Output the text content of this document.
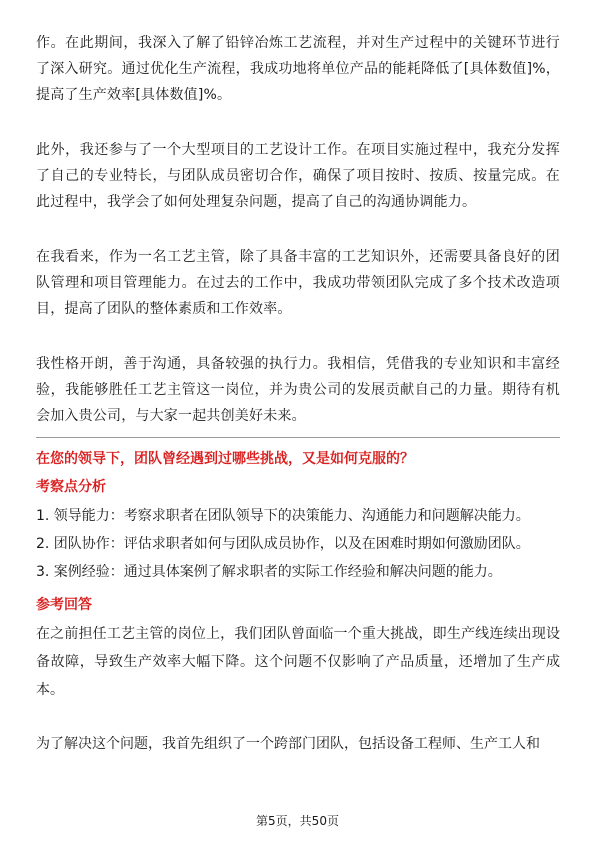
作。在此期间，我深入了解了铅锌冶炼工艺流程，并对生产过程中的关键环节进行了深入研究。通过优化生产流程，我成功地将单位产品的能耗降低了[具体数值]%，提高了生产效率[具体数值]%。

此外，我还参与了一个大型项目的工艺设计工作。在项目实施过程中，我充分发挥了自己的专业特长，与团队成员密切合作，确保了项目按时、按质、按量完成。在此过程中，我学会了如何处理复杂问题，提高了自己的沟通协调能力。

在我看来，作为一名工艺主管，除了具备丰富的工艺知识外，还需要具备良好的团队管理和项目管理能力。在过去的工作中，我成功带领团队完成了多个技术改造项目，提高了团队的整体素质和工作效率。

我性格开朗，善于沟通，具备较强的执行力。我相信，凭借我的专业知识和丰富经验，我能够胜任工艺主管这一岗位，并为贵公司的发展贡献自己的力量。期待有机会加入贵公司，与大家一起共创美好未来。

在您的领导下，团队曾经遇到过哪些挑战，又是如何克服的？
考察点分析
1. 领导能力：考察求职者在团队领导下的决策能力、沟通能力和问题解决能力。
2. 团队协作：评估求职者如何与团队成员协作，以及在困难时期如何激励团队。
3. 案例经验：通过具体案例了解求职者的实际工作经验和解决问题的能力。
参考回答

在之前担任工艺主管的岗位上，我们团队曾面临一个重大挑战，即生产线连续出现设备故障，导致生产效率大幅下降。这个问题不仅影响了产品质量，还增加了生产成本。

为了解决这个问题，我首先组织了一个跨部门团队，包括设备工程师、生产工人和

第5页，共50页
